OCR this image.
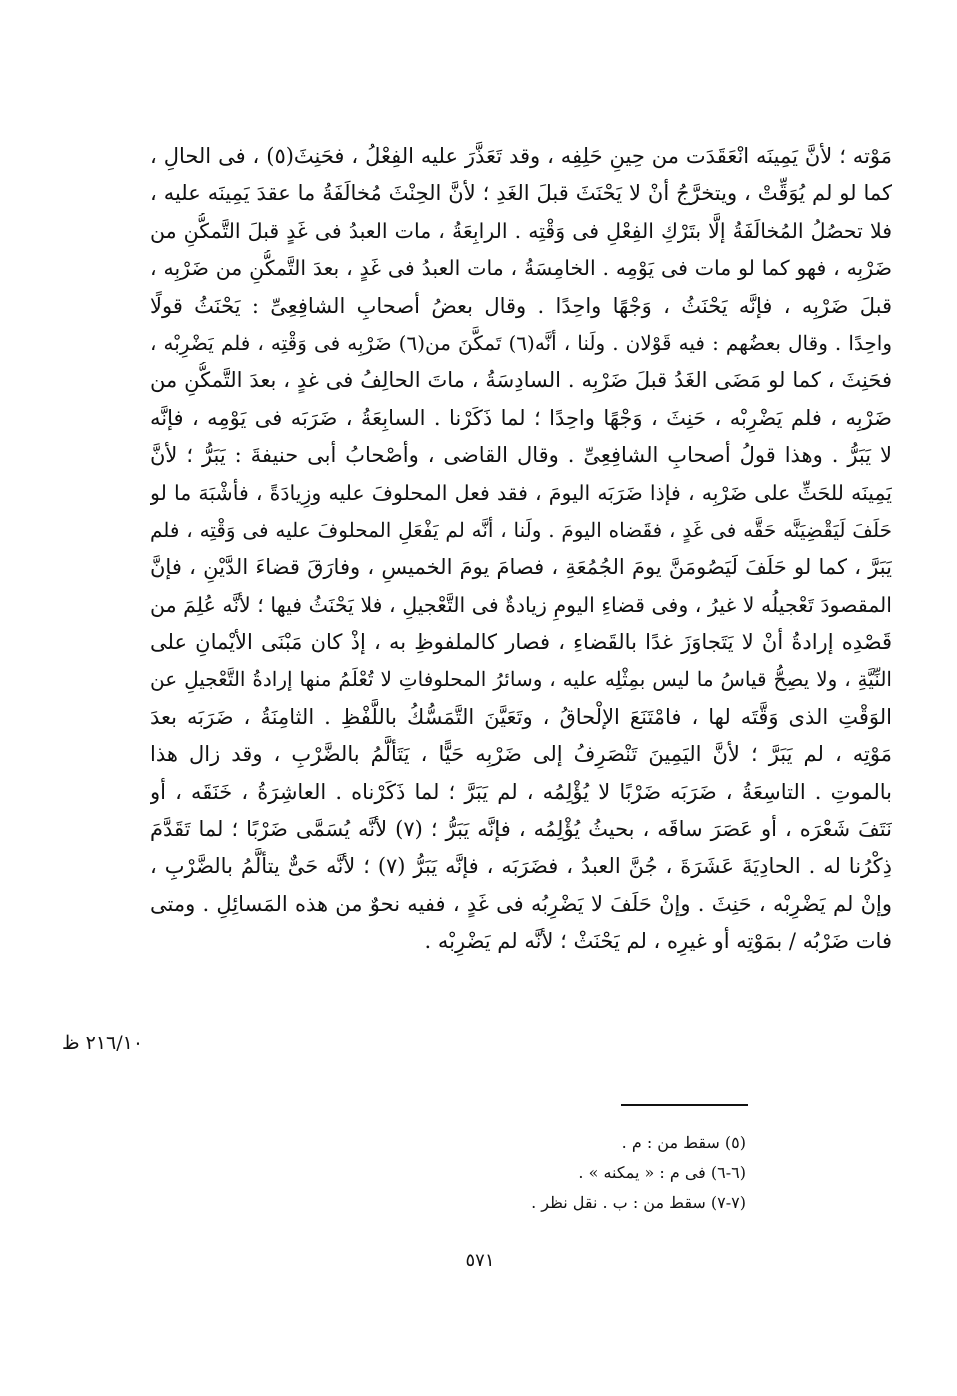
مَوْته ؛ لأنَّ يَمِينَه انْعَقَدَت من حِينِ حَلِفِه ، وقد تَعَذَّرَ عليه الفِعْلُ ، فحَنِثَ(٥) ، فى الحالِ ،
كما لو لم يُوَقِّتْ ، ويتخرَّجُ أنْ لا يَحْنَثَ قبلَ الغَدِ ؛ لأنَّ الحِنْثَ مُخالَفَةُ ما عقدَ يَمِينَه عليه ،
فلا تحصُلُ المُخالَفَةُ إلَّا بتَرْكِ الفِعْلِ فى وَقْتِه . الرابِعَةُ ، مات العبدُ فى غَدٍ قبلَ التَّمكُّنِ من
ضَرْبِه ، فهو كما لو مات فى يَوْمِه . الخامِسَةُ ، مات العبدُ فى غَدٍ ، بعدَ التَّمكُّنِ من ضَرْبِه ،
قبلَ ضَرْبِه ، فإنَّه يَحْنَثُ ، وَجْهًا واحِدًا . وقال بعضُ أصحابِ الشافِعِىِّ : يَحْنَثُ قولًا
واحِدًا . وقال بعضُهم : فيه قَوْلان . ولَنا ، أنَّه(٦) تَمكَّنَ من(٦) ضَرْبِه فى وَقْتِه ، فلم يَضْرِبْه ،
فحَنِثَ ، كما لو مَضَى الغَدُ قبلَ ضَرْبِه . السادِسَةُ ، ماتَ الحالِفُ فى غدٍ ، بعدَ التَّمكُّنِ من
ضَرْبِه ، فلم يَضْرِبْه ، حَنِثَ ، وَجْهًا واحِدًا ؛ لما ذَكَرْنا . السابِعَةُ ، ضَرَبَه فى يَوْمِه ، فإنَّه
لا يَبَرُّ . وهذا قولُ أصحابِ الشافِعِىِّ . وقال القاضى ، وأصْحابُ أبى حنيفةَ : يَبَرُّ ؛ لأنَّ
يَمِينَه للحَثِّ على ضَرْبِه ، فإذا ضَرَبَه اليومَ ، فقد فعل المحلوفَ عليه وزِيادَةً ، فأشْبَهَ ما لو
حَلَفَ لَيَقْضِيَنَّه حَقَّه فى غَدٍ ، فقَضاه اليومَ . ولَنا ، أنَّه لم يَفْعَلِ المحلوفَ عليه فى وَقْتِه ، فلم
يَبَرَّ ، كما لو حَلَفَ لَيَصُومَنَّ يومَ الجُمُعَةِ ، فصامَ يومَ الخميسِ ، وفارَقَ قضاءَ الدَّيْنِ ، فإنَّ
المقصودَ تَعْجيلُه لا غيرُ ، وفى قضاءِ اليومِ زيادةٌ فى التَّعْجيلِ ، فلا يَحْنَثُ فيها ؛ لأنَّه عُلِمَ من
قَصْدِه إرادةُ أنْ لا يَتَجاوَزَ غدًا بالقَضاءِ ، فصار كالملفوظِ به ، إذْ كان مَبْنَى الأيْمانِ على
النِّيَّةِ ، ولا يصِحُّ قياسُ ما ليس بمِثْلِه عليه ، وسائرُ المحلوفاتِ لا تُعْلَمُ منها إرادةُ التَّعْجيلِ عن
الوَقْتِ الذى وَقَّتَه لها ، فامْتَنَعَ الإلْحاقُ ، وتَعَيَّنَ التَّمَسُّكُ باللَّفْظِ . الثامِنَةُ ، ضَرَبَه بعدَ
مَوْتِه ، لم يَبَرَّ ؛ لأنَّ اليَمِينَ تَنْصَرِفُ إلى ضَرْبِه حَيًّا ، يَتَألَّمُ بالضَّرْبِ ، وقد زال هذا
بالموتِ . التاسِعَةُ ، ضَرَبَه ضَرْبًا لا يُؤْلِمُه ، لم يَبَرَّ ؛ لما ذَكَرْناه . العاشِرَةُ ، خَنَقَه ، أو
نَتَفَ شَعْرَه ، أو عَصَرَ ساقَه ، بحيثُ يُؤْلِمُه ، فإنَّه يَبَرُّ ؛ (٧) لأنَّه يُسَمَّى ضَرْبًا ؛ لما تَقَدَّمَ
ذِكْرُنا له . الحادِيَةَ عَشَرَةَ ، جُنَّ العبدُ ، فضَرَبَه ، فإنَّه يَبَرُّ (٧) ؛ لأنَّه حَىٌّ يتألَّمُ بالضَّرْبِ ،
وإنْ لم يَضْرِبْه ، حَنِثَ . وإنْ حَلَفَ لا يَضْرِبُه فى غَدٍ ، ففيه نحوٌ من هذه المَسائِلِ . ومتى
فات ضَرْبُه / بمَوْتِه أو غيرِه ، لم يَحْنَثْ ؛ لأنَّه لم يَضْرِبْه .
٢١٦/١٠ ظ
(٥) سقط من : م .
(٦-٦) فى م : « يمكنه » .
(٧-٧) سقط من : ب . نقل نظر .
٥٧١
